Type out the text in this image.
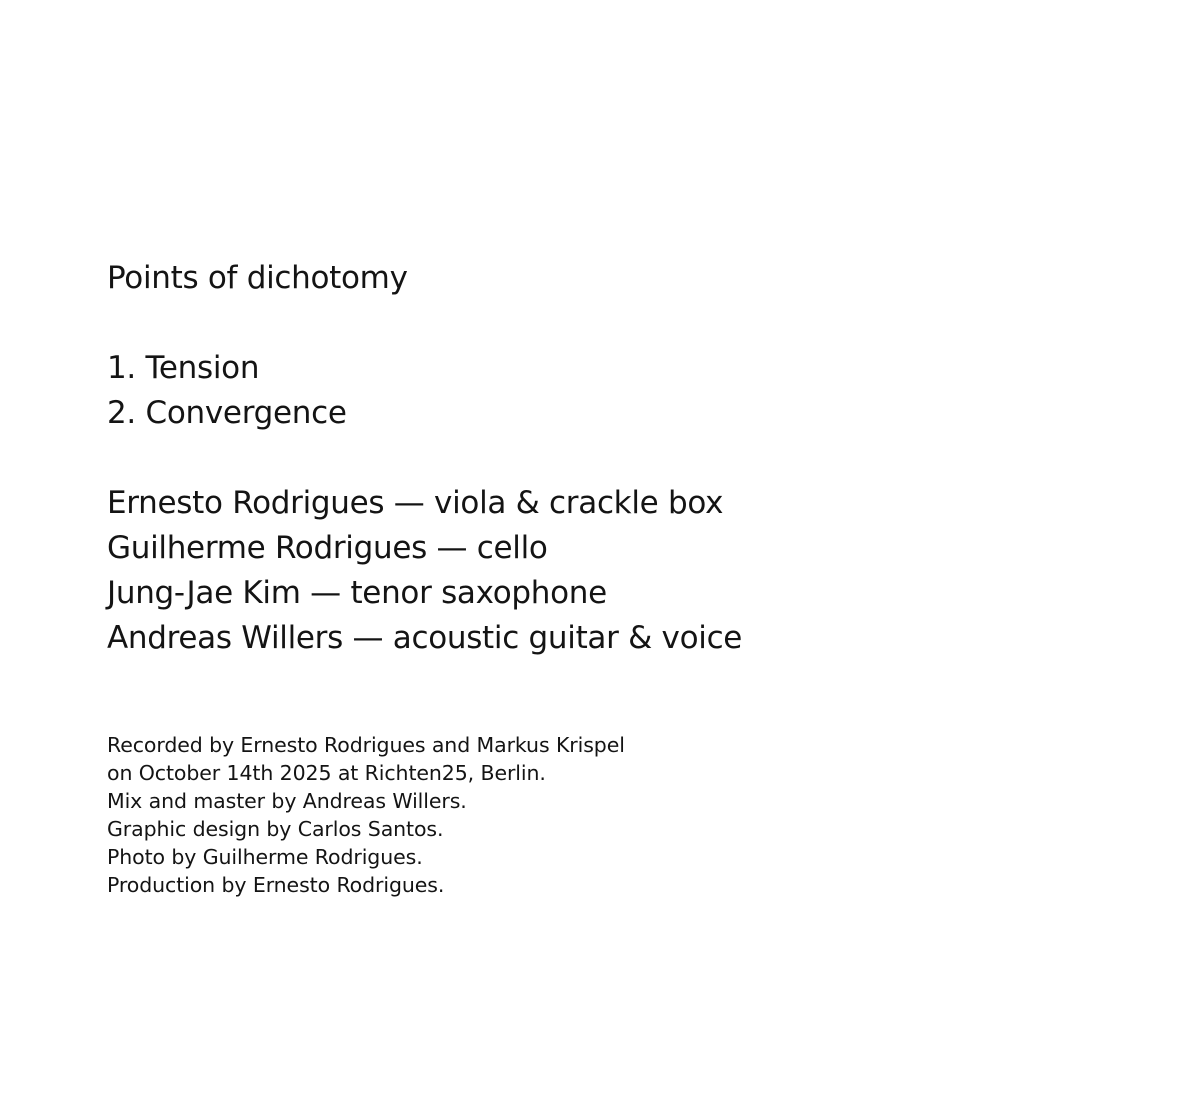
Points of dichotomy
1. Tension
2. Convergence
Ernesto Rodrigues — viola & crackle box
Guilherme Rodrigues — cello
Jung-Jae Kim — tenor saxophone
Andreas Willers — acoustic guitar & voice
Recorded by Ernesto Rodrigues and Markus Krispel
on October 14th 2025 at Richten25, Berlin.
Mix and master by Andreas Willers.
Graphic design by Carlos Santos.
Photo by Guilherme Rodrigues.
Production by Ernesto Rodrigues.
